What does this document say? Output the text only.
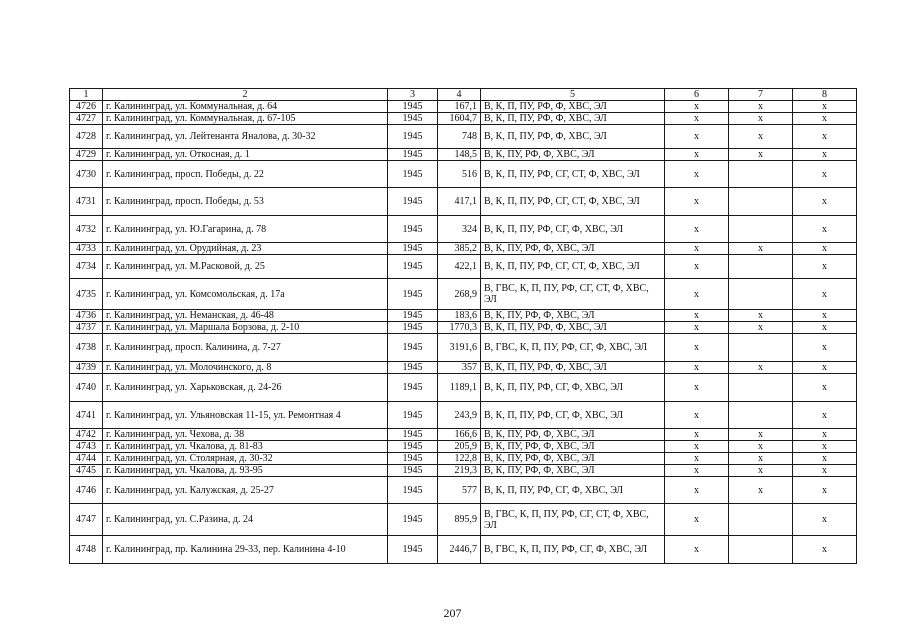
1	2	3	4	5	6	7	8
4726	г. Калининград, ул. Коммунальная, д. 64	1945	167,1	В, К, П, ПУ, РФ, Ф, ХВС, ЭЛ	х	х	х
4727	г. Калининград, ул. Коммунальная, д. 67-105	1945	1604,7	В, К, П, ПУ, РФ, Ф, ХВС, ЭЛ	х	х	х
4728	г. Калининград, ул. Лейтенанта Яналова, д. 30-32	1945	748	В, К, П, ПУ, РФ, Ф, ХВС, ЭЛ	х	х	х
4729	г. Калининград, ул. Откосная, д. 1	1945	148,5	В, К, ПУ, РФ, Ф, ХВС, ЭЛ	х	х	х
4730	г. Калининград, просп. Победы, д. 22	1945	516	В, К, П, ПУ, РФ, СГ, СТ, Ф, ХВС, ЭЛ	х		х
4731	г. Калининград, просп. Победы, д. 53	1945	417,1	В, К, П, ПУ, РФ, СГ, СТ, Ф, ХВС, ЭЛ	х		х
4732	г. Калининград, ул. Ю.Гагарина, д. 78	1945	324	В, К, П, ПУ, РФ, СГ, Ф, ХВС, ЭЛ	х		х
4733	г. Калининград, ул. Орудийная, д. 23	1945	385,2	В, К, ПУ, РФ, Ф, ХВС, ЭЛ	х	х	х
4734	г. Калининград, ул. М.Расковой, д. 25	1945	422,1	В, К, П, ПУ, РФ, СГ, СТ, Ф, ХВС, ЭЛ	х		х
4735	г. Калининград, ул. Комсомольская, д. 17а	1945	268,9	В, ГВС, К, П, ПУ, РФ, СГ, СТ, Ф, ХВС, ЭЛ	х		х
4736	г. Калининград, ул. Неманская, д. 46-48	1945	183,6	В, К, ПУ, РФ, Ф, ХВС, ЭЛ	х	х	х
4737	г. Калининград, ул. Маршала Борзова, д. 2-10	1945	1770,3	В, К, П, ПУ, РФ, Ф, ХВС, ЭЛ	х	х	х
4738	г. Калининград, просп. Калинина, д. 7-27	1945	3191,6	В, ГВС, К, П, ПУ, РФ, СГ, Ф, ХВС, ЭЛ	х		х
4739	г. Калининград, ул. Молочинского, д. 8	1945	357	В, К, П, ПУ, РФ, Ф, ХВС, ЭЛ	х	х	х
4740	г. Калининград, ул. Харьковская, д. 24-26	1945	1189,1	В, К, П, ПУ, РФ, СГ, Ф, ХВС, ЭЛ	х		х
4741	г. Калининград, ул. Ульяновская 11-15, ул. Ремонтная 4	1945	243,9	В, К, П, ПУ, РФ, СГ, Ф, ХВС, ЭЛ	х		х
4742	г. Калининград, ул. Чехова, д. 38	1945	166,6	В, К, ПУ, РФ, Ф, ХВС, ЭЛ	х	х	х
4743	г. Калининград, ул. Чкалова, д. 81-83	1945	205,9	В, К, ПУ, РФ, Ф, ХВС, ЭЛ	х	х	х
4744	г. Калининград, ул. Столярная, д. 30-32	1945	122,8	В, К, ПУ, РФ, Ф, ХВС, ЭЛ	х	х	х
4745	г. Калининград, ул. Чкалова, д. 93-95	1945	219,3	В, К, ПУ, РФ, Ф, ХВС, ЭЛ	х	х	х
4746	г. Калининград, ул. Калужская, д. 25-27	1945	577	В, К, П, ПУ, РФ, СГ, Ф, ХВС, ЭЛ	х	х	х
4747	г. Калининград, ул. С.Разина, д. 24	1945	895,9	В, ГВС, К, П, ПУ, РФ, СГ, СТ, Ф, ХВС, ЭЛ	х		х
4748	г. Калининград, пр. Калинина 29-33, пер. Калинина 4-10	1945	2446,7	В, ГВС, К, П, ПУ, РФ, СГ, Ф, ХВС, ЭЛ	х		х
207
